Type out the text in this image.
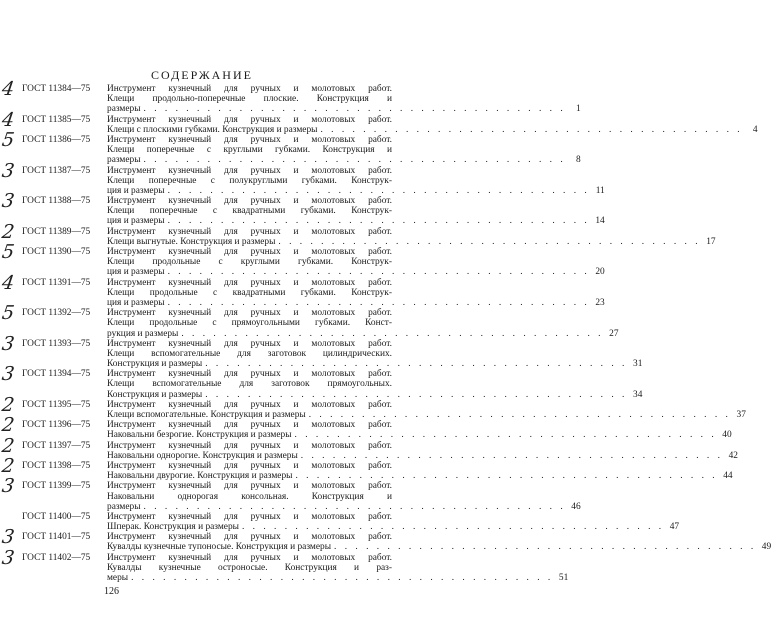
СОДЕРЖАНИЕ
4 ГОСТ 11384—75	Инструмент кузнечный для ручных и молотовых работ.
Клещи продольно-поперечные плоские. Конструкция и
размеры . . . . . . . . . . . . . . . . . . . . . . . . . . . . . . . . . . . . . . . .	1
4 ГОСТ 11385—75	Инструмент кузнечный для ручных и молотовых работ.
Клещи с плоскими губками. Конструкция и размеры . . . . . . . . . . . . . . . . . . . . . . . . . . . . . . . . . . . . . . . .	4
5 ГОСТ 11386—75	Инструмент кузнечный для ручных и молотовых работ.
Клещи поперечные с круглыми губками. Конструкция и
размеры . . . . . . . . . . . . . . . . . . . . . . . . . . . . . . . . . . . . . . . .	8
3 ГОСТ 11387—75	Инструмент кузнечный для ручных и молотовых работ.
Клещи поперечные с полукруглыми губками. Конструк-
ция и размеры . . . . . . . . . . . . . . . . . . . . . . . . . . . . . . . . . . . . . . . . 11
3 ГОСТ 11388—75	Инструмент кузнечный для ручных и молотовых работ.
Клещи поперечные с квадратными губками. Конструк-
ция и размеры . . . . . . . . . . . . . . . . . . . . . . . . . . . . . . . . . . . . . . . . 14
2 ГОСТ 11389—75	Инструмент кузнечный для ручных и молотовых работ.
Клещи выгнутые. Конструкция и размеры . . . . . . . . . . . . . . . . . . . . . . . . . . . . . . . . . . . . . . . . 17
5 ГОСТ 11390—75	Инструмент кузнечный для ручных и молотовых работ.
Клещи продольные с круглыми губками. Конструк-
ция и размеры . . . . . . . . . . . . . . . . . . . . . . . . . . . . . . . . . . . . . . . . 20
4 ГОСТ 11391—75	Инструмент кузнечный для ручных и молотовых работ.
Клещи продольные с квадратными губками. Конструк-
ция и размеры . . . . . . . . . . . . . . . . . . . . . . . . . . . . . . . . . . . . . . . . 23
5 ГОСТ 11392—75	Инструмент кузнечный для ручных и молотовых работ.
Клещи продольные с прямоугольными губками. Конст-
рукция и размеры . . . . . . . . . . . . . . . . . . . . . . . . . . . . . . . . . . . . . . . . 27
3 ГОСТ 11393—75	Инструмент кузнечный для ручных и молотовых работ.
Клещи вспомогательные для заготовок цилиндрических.
Конструкция и размеры . . . . . . . . . . . . . . . . . . . . . . . . . . . . . . . . . . . . . . . . 31
3 ГОСТ 11394—75	Инструмент кузнечный для ручных и молотовых работ.
Клещи вспомогательные для заготовок прямоугольных.
Конструкция и размеры . . . . . . . . . . . . . . . . . . . . . . . . . . . . . . . . . . . . . . . . 34
2 ГОСТ 11395—75	Инструмент кузнечный для ручных и молотовых работ.
Клещи вспомогательные. Конструкция и размеры . . . . . . . . . . . . . . . . . . . . . . . . . . . . . . . . . . . . . . . . 37
2 ГОСТ 11396—75	Инструмент кузнечный для ручных и молотовых работ.
Наковальни безрогие. Конструкция и размеры . . . . . . . . . . . . . . . . . . . . . . . . . . . . . . . . . . . . . . . . 40
2 ГОСТ 11397—75	Инструмент кузнечный для ручных и молотовых работ.
Наковальни однорогие. Конструкция и размеры . . . . . . . . . . . . . . . . . . . . . . . . . . . . . . . . . . . . . . . . 42
2 ГОСТ 11398—75	Инструмент кузнечный для ручных и молотовых работ.
Наковальни двурогие. Конструкция и размеры . . . . . . . . . . . . . . . . . . . . . . . . . . . . . . . . . . . . . . . . 44
3 ГОСТ 11399—75	Инструмент кузнечный для ручных и молотовых работ.
Наковальни однорогая консольная. Конструкция и
размеры . . . . . . . . . . . . . . . . . . . . . . . . . . . . . . . . . . . . . . . . 46
ГОСТ 11400—75	Инструмент кузнечный для ручных и молотовых работ.
Шперак. Конструкция и размеры . . . . . . . . . . . . . . . . . . . . . . . . . . . . . . . . . . . . . . . . 47
3 ГОСТ 11401—75	Инструмент кузнечный для ручных и молотовых работ.
Кувалды кузнечные тупоносые. Конструкция и размеры . . . . . . . . . . . . . . . . . . . . . . . . . . . . . . . . . . . . . . . . 49
3 ГОСТ 11402—75	Инструмент кузнечный для ручных и молотовых работ.
Кувалды кузнечные остроносые. Конструкция и раз-
меры . . . . . . . . . . . . . . . . . . . . . . . . . . . . . . . . . . . . . . . . 51
126
